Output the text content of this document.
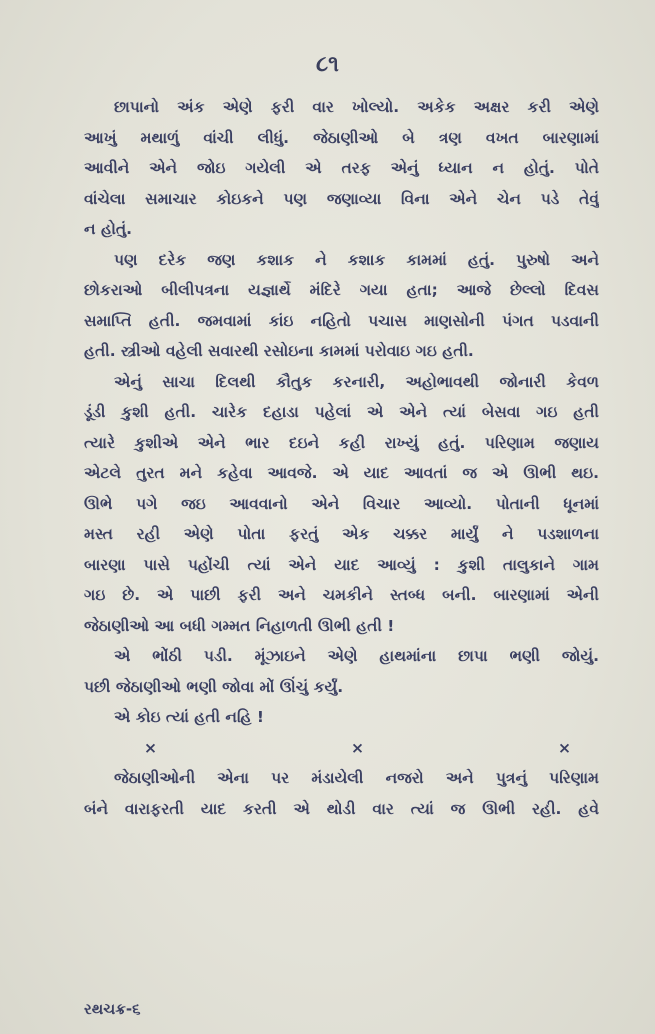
૮૧
છાપાનો અંક એણે ફરી વાર ખોલ્યો. અકેક અક્ષર કરી એણે
આખું મથાળું વાંચી લીધું. જેઠાણીઓ બે ત્રણ વખત બારણામાં
આવીને એને જોઇ ગયેલી એ તરફ એનું ધ્યાન ન હોતું. પોતે
વાંચેલા સમાચાર કોઇકને પણ જણાવ્યા વિના એને ચેન પડે તેવું
ન હોતું.
પણ દરેક જણ કશાક ને કશાક કામમાં હતું. પુરુષો અને
છોકરાઓ બીલીપત્રના યજ્ઞાર્થે મંદિરે ગયા હતા; આજે છેલ્લો દિવસ
સમાપ્તિ હતી. જમવામાં કાંઇ નહિતો પચાસ માણસોની પંગત પડવાની
હતી. સ્ત્રીઓ વહેલી સવારથી રસોઇના કામમાં પરોવાઇ ગઇ હતી.
એનું સાચા દિલથી કૌતુક કરનારી, અહોભાવથી જોનારી કેવળ
ડૂંડી કુશી હતી. ચારેક દહાડા પહેલાં એ એને ત્યાં બેસવા ગઇ હતી
ત્યારે કુશીએ એને ભાર દઇને કહી રાખ્યું હતું. પરિણામ જણાય
એટલે તુરત મને કહેવા આવજે. એ યાદ આવતાં જ એ ઊભી થઇ.
ઊભે પગે જઇ આવવાનો એને વિચાર આવ્યો. પોતાની ધૂનમાં
મસ્ત રહી એણે પોતા ફરતું એક ચક્કર માર્યું ને પડશાળના
બારણા પાસે પહોંચી ત્યાં એને યાદ આવ્યું : કુશી તાલુકાને ગામ
ગઇ છે. એ પાછી ફરી અને ચમકીને સ્તબ્ધ બની. બારણામાં એની
જેઠાણીઓ આ બધી ગમ્મત નિહાળતી ઊભી હતી !
એ ભોંઠી પડી. મૂંઝાઇને એણે હાથમાંના છાપા ભણી જોયું.
પછી જેઠાણીઓ ભણી જોવા મોં ઊંચું કર્યું.
એ કોઇ ત્યાં હતી નહિ !
×	×	×
જેઠાણીઓની એના પર મંડાયેલી નજરો અને પુત્રનું પરિણામ
બંને વારાફરતી યાદ કરતી એ થોડી વાર ત્યાં જ ઊભી રહી. હવે
રથચક્ર-૬
